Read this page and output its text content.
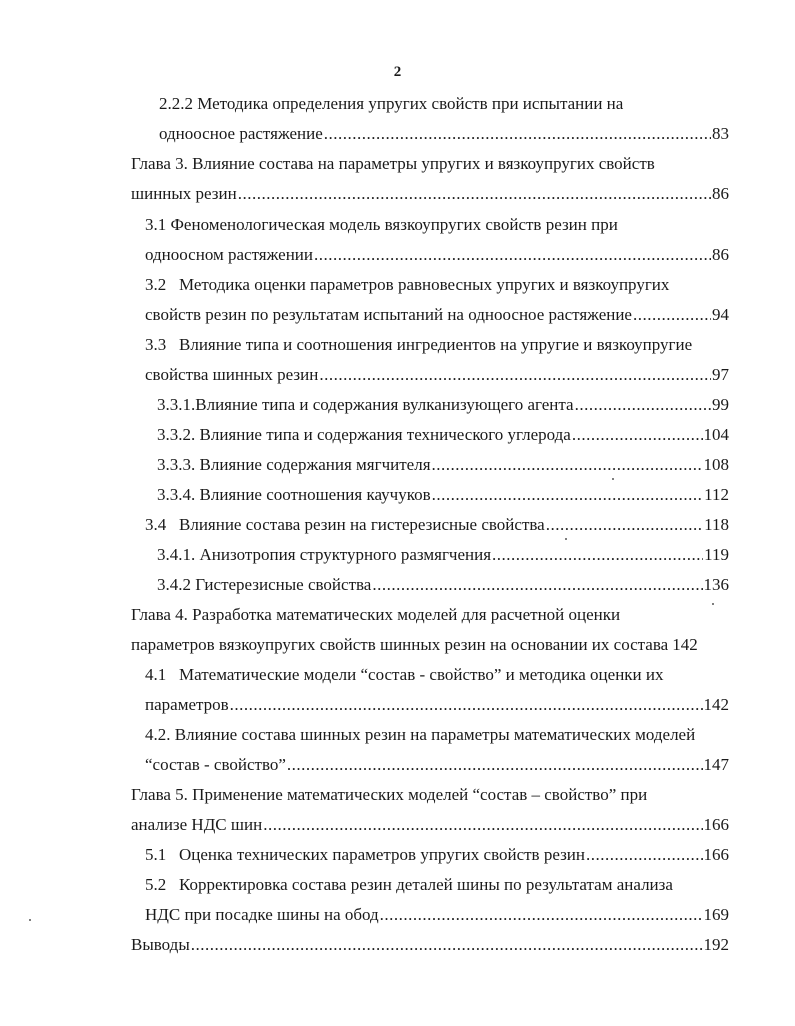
2
2.2.2 Методика определения упругих свойств при испытании на
одноосное растяжение .....	83
Глава 3. Влияние состава на параметры упругих и вязкоупругих свойств
шинных резин .....	86
3.1 Феноменологическая модель вязкоупругих свойств резин при
одноосном растяжении .....	86
3.2   Методика оценки параметров равновесных упругих и вязкоупругих
свойств резин по результатам испытаний на одноосное растяжение .....	94
3.3   Влияние типа и соотношения ингредиентов на упругие и вязкоупругие
свойства шинных резин .....	97
3.3.1.Влияние типа и содержания вулканизующего агента .....	99
3.3.2. Влияние типа и содержания технического углерода .....	104
3.3.3. Влияние содержания мягчителя .....	108
3.3.4. Влияние соотношения каучуков .....	112
3.4   Влияние состава резин на гистерезисные свойства .....	118
3.4.1. Анизотропия структурного размягчения .....	119
3.4.2 Гистерезисные свойства .....	136
Глава 4. Разработка математических моделей для расчетной оценки
параметров вязкоупругих свойств шинных резин на основании их состава 142
4.1   Математические модели “состав - свойство” и методика оценки их
параметров .....	142
4.2. Влияние состава шинных резин на параметры математических моделей
“состав - свойство” .....	147
Глава 5. Применение математических моделей “состав – свойство” при
анализе НДС шин .....	166
5.1   Оценка технических параметров упругих свойств резин .....	166
5.2   Корректировка состава резин деталей шины по результатам анализа
НДС при посадке шины на обод .....	169
Выводы .....	192
